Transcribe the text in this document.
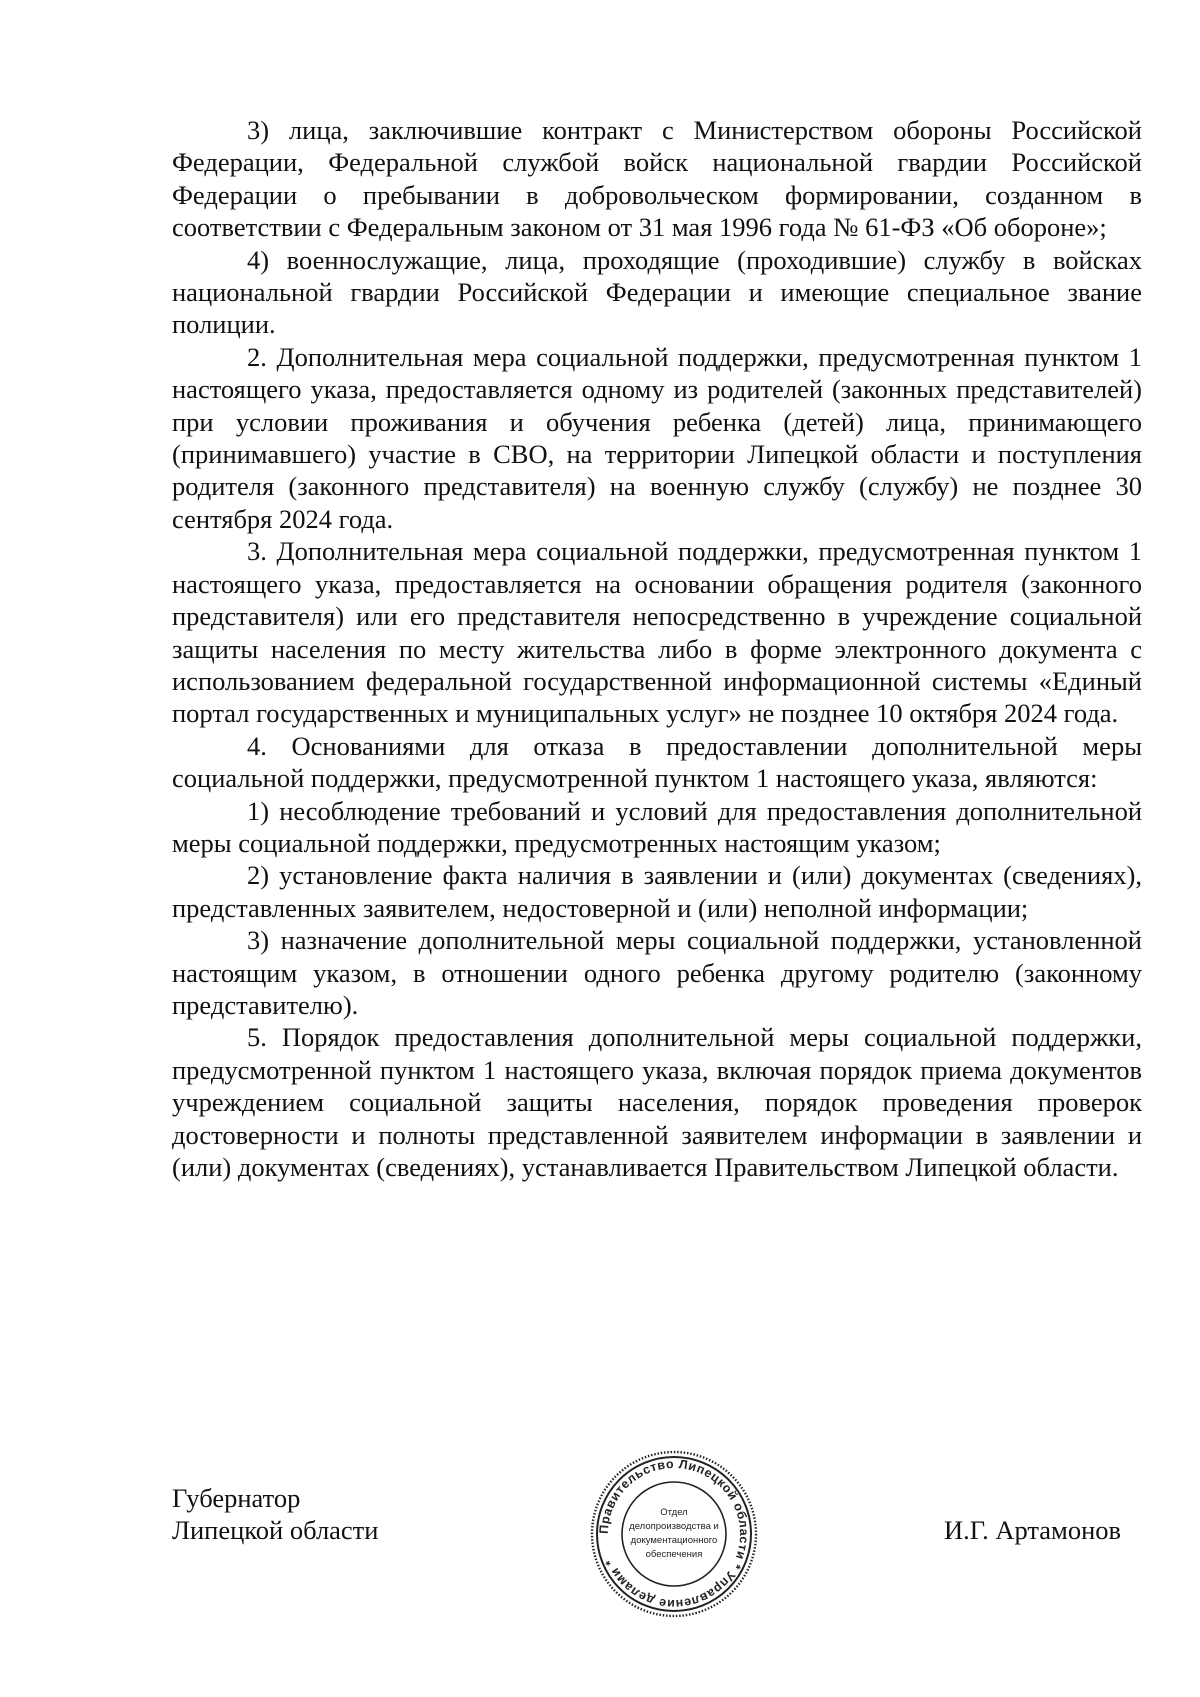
3) лица, заключившие контракт с Министерством обороны Российской Федерации, Федеральной службой войск национальной гвардии Российской Федерации о пребывании в добровольческом формировании, созданном в соответствии с Федеральным законом от 31 мая 1996 года № 61-ФЗ «Об обороне»;

4) военнослужащие, лица, проходящие (проходившие) службу в войсках национальной гвардии Российской Федерации и имеющие специальное звание полиции.

2. Дополнительная мера социальной поддержки, предусмотренная пунктом 1 настоящего указа, предоставляется одному из родителей (законных представителей) при условии проживания и обучения ребенка (детей) лица, принимающего (принимавшего) участие в СВО, на территории Липецкой области и поступления родителя (законного представителя) на военную службу (службу) не позднее 30 сентября 2024 года.

3. Дополнительная мера социальной поддержки, предусмотренная пунктом 1 настоящего указа, предоставляется на основании обращения родителя (законного представителя) или его представителя непосредственно в учреждение социальной защиты населения по месту жительства либо в форме электронного документа с использованием федеральной государственной информационной системы «Единый портал государственных и муниципальных услуг» не позднее 10 октября 2024 года.

4. Основаниями для отказа в предоставлении дополнительной меры социальной поддержки, предусмотренной пунктом 1 настоящего указа, являются:

1) несоблюдение требований и условий для предоставления дополнительной меры социальной поддержки, предусмотренных настоящим указом;

2) установление факта наличия в заявлении и (или) документах (сведениях), представленных заявителем, недостоверной и (или) неполной информации;

3) назначение дополнительной меры социальной поддержки, установленной настоящим указом, в отношении одного ребенка другому родителю (законному представителю).

5. Порядок предоставления дополнительной меры социальной поддержки, предусмотренной пунктом 1 настоящего указа, включая порядок приема документов учреждением социальной защиты населения, порядок проведения проверок достоверности и полноты представленной заявителем информации в заявлении и (или) документах (сведениях), устанавливается Правительством Липецкой области.

Губернатор
Липецкой области	Правительство Липецкой области * Управление делами *
Отдел
делопроизводства и
документационного
обеспечения
И.Г. Артамонов
